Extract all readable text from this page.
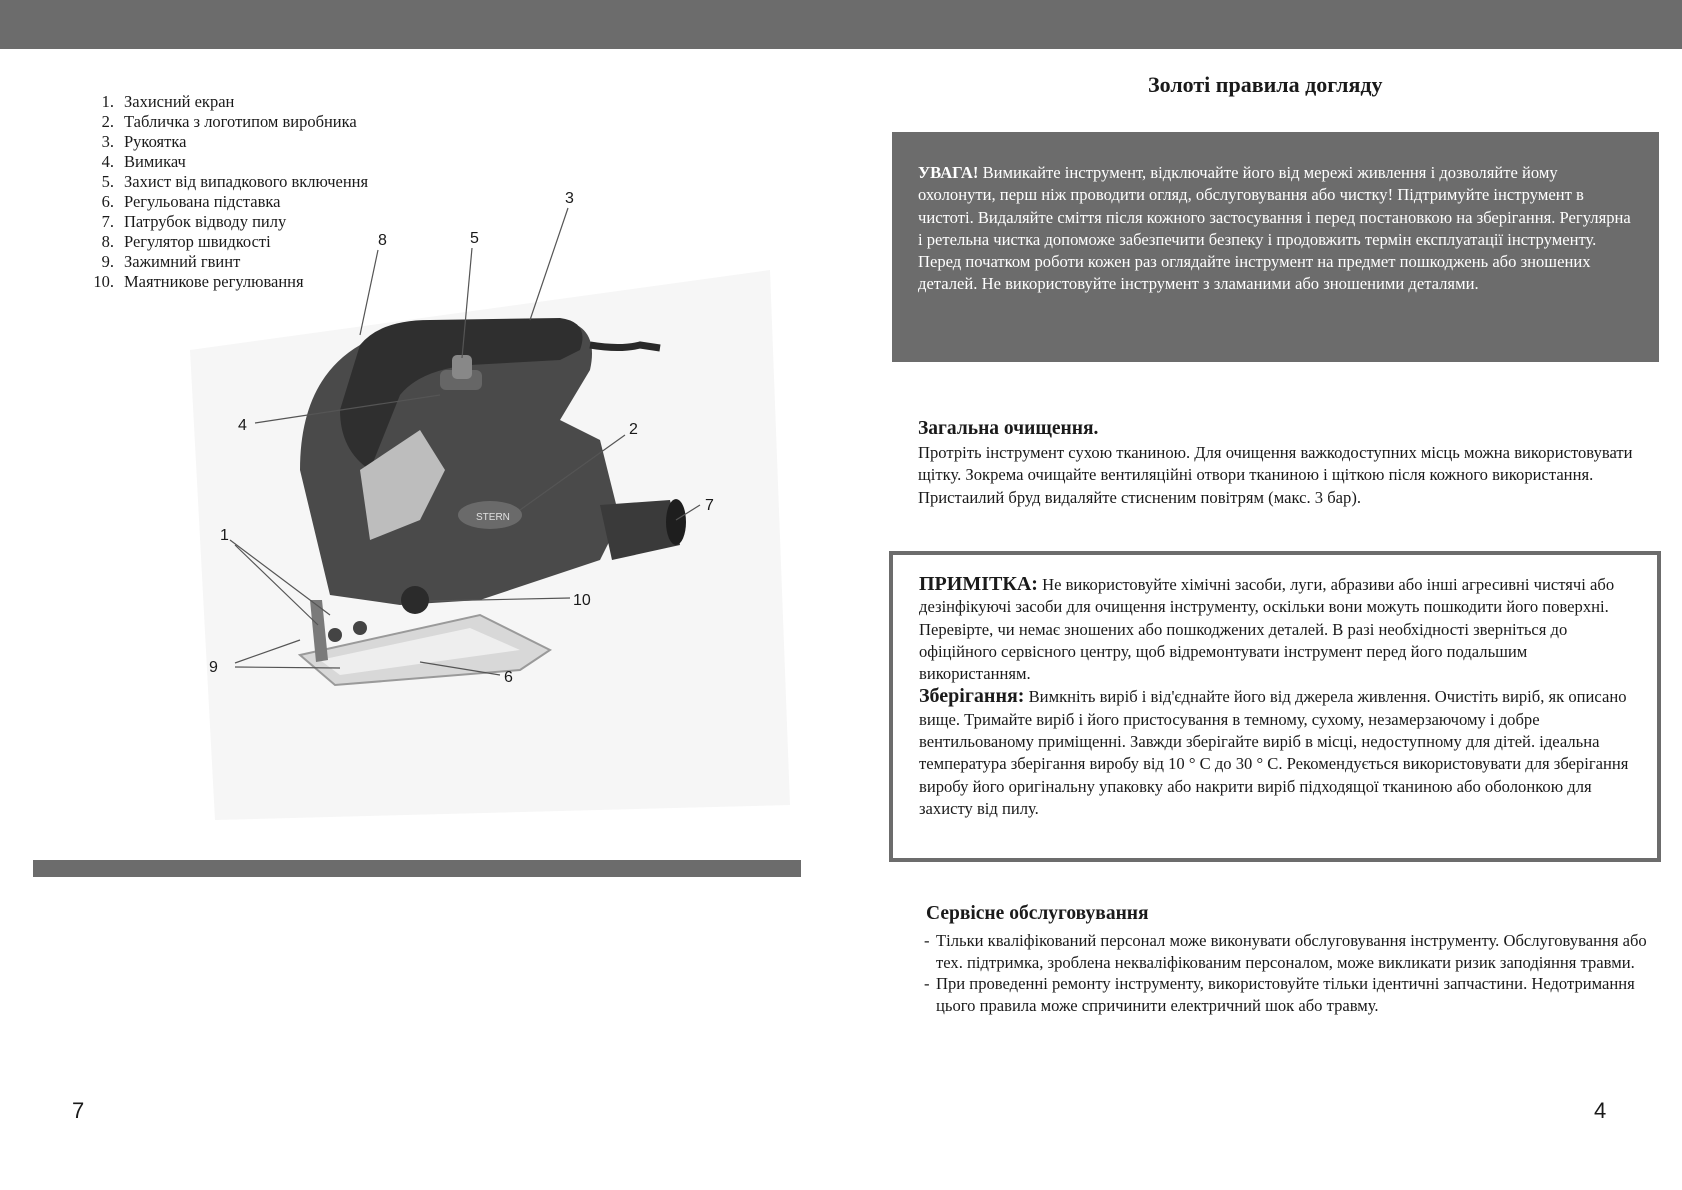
1. Захисний екран
2. Табличка з логотипом виробника
3. Рукоятка
4. Вимикач
5. Захист від випадкового включення
6. Регульована підставка
7. Патрубок відводу пилу
8. Регулятор швидкості
9. Зажимний гвинт
10. Маятникове регулювання
STERN
1
2
3
4
5
6
7
8
9
10
7
Золоті правила догляду
УВАГА! Вимикайте інструмент, відключайте його від мережі живлення і дозволяйте йому охолонути, перш ніж проводити огляд, обслуговування або чистку! Підтримуйте інструмент в чистоті. Видаляйте сміття після кожного застосування і перед постановкою на зберігання. Регулярна і ретельна чистка допоможе забезпечити безпеку і продовжить термін експлуатації інструменту. Перед початком роботи кожен раз оглядайте інструмент на предмет пошкоджень або зношених деталей. Не використовуйте інструмент з зламаними або зношеними деталями.
Загальна очищення.
Протріть інструмент сухою тканиною. Для очищення важкодоступних місць можна використовувати щітку. Зокрема очищайте вентиляційні отвори тканиною і щіткою після кожного використання. Пристаилий бруд видаляйте стисненим повітрям (макс. 3 бар).
ПРИМІТКА: Не використовуйте хімічні засоби, луги, абразиви або інші агресивні чистячі або дезінфікуючі засоби для очищення інструменту, оскільки вони можуть пошкодити його поверхні. Перевірте, чи немає зношених або пошкоджених деталей. В разі необхідності зверніться до офіційного сервісного центру, щоб відремонтувати інструмент перед його подальшим використанням.
Зберігання: Вимкніть виріб і від'єднайте його від джерела живлення. Очистіть виріб, як описано вище. Тримайте виріб і його пристосування в темному, сухому, незамерзаючому і добре вентильованому приміщенні. Завжди зберігайте виріб в місці, недоступному для дітей. ідеальна температура зберігання виробу від 10 ° C до 30 ° C. Рекомендується використовувати для зберігання виробу його оригінальну упаковку або накрити виріб підходящої тканиною або оболонкою для захисту від пилу.
Сервісне обслуговування
- Тільки кваліфікований персонал може виконувати обслуговування інструменту. Обслуговування або тех. підтримка, зроблена некваліфікованим персоналом, може викликати ризик заподіяння травми.
- При проведенні ремонту інструменту, використовуйте тільки ідентичні запчастини. Недотримання цього правила може спричинити електричний шок або травму.
4
